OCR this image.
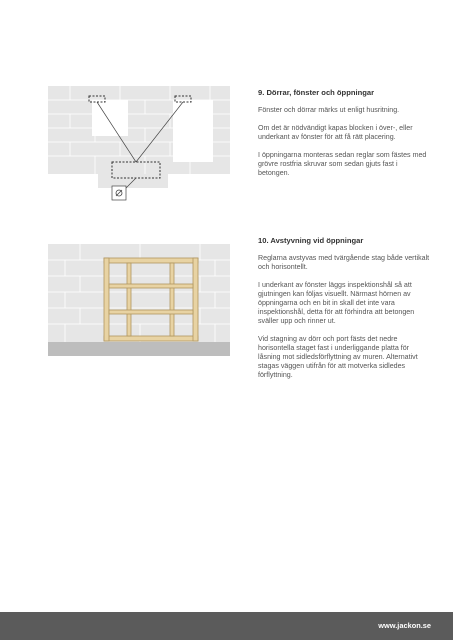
9. Dörrar, fönster och öppningar

Fönster och dörrar märks ut enligt husritning.

Om det är nödvändigt kapas blocken i över-, eller underkant av fönster för att få rätt placering.

I öppningarna monteras sedan reglar som fästes med grövre rostfria skruvar som sedan gjuts fast i betongen.

10. Avstyvning vid öppningar

Reglarna avstyvas med tvärgående stag både vertikalt och horisontellt.

I underkant av fönster läggs inspektionshål så att gjutningen kan följas visuellt. Närmast hörnen av öppningarna och en bit in skall det inte vara inspektionshål, detta för att förhindra att betongen sväller upp och rinner ut.

Vid stagning av dörr och port fästs det nedre horisontella staget fast i underliggande platta för låsning mot sidledsförflyttning av muren. Alternativt stagas väggen utifrån för att motverka sidledes förflyttning.

www.jackon.se
